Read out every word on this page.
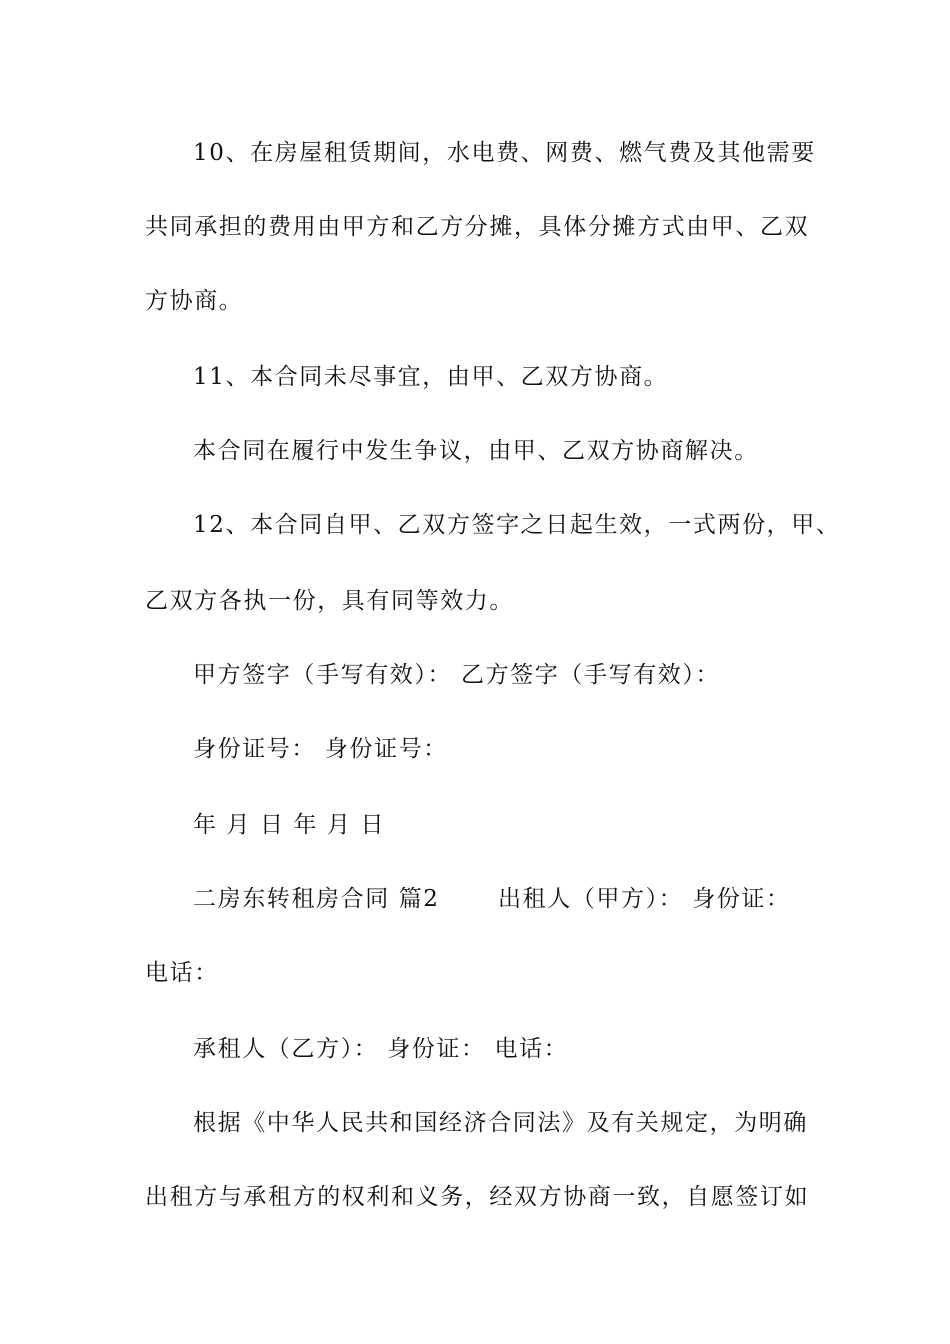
10、在房屋租赁期间，水电费、网费、燃气费及其他需要
共同承担的费用由甲方和乙方分摊，具体分摊方式由甲、乙双
方协商。
11、本合同未尽事宜，由甲、乙双方协商。
本合同在履行中发生争议，由甲、乙双方协商解决。
12、本合同自甲、乙双方签字之日起生效，一式两份，甲、
乙双方各执一份，具有同等效力。
甲方签字（手写有效）： 乙方签字（手写有效）：
身份证号： 身份证号：
年 月 日 年 月 日
二房东转租房合同 篇2	出租人（甲方）： 身份证：
电话：
承租人（乙方）： 身份证： 电话：
根据《中华人民共和国经济合同法》及有关规定，为明确
出租方与承租方的权利和义务，经双方协商一致，自愿签订如
